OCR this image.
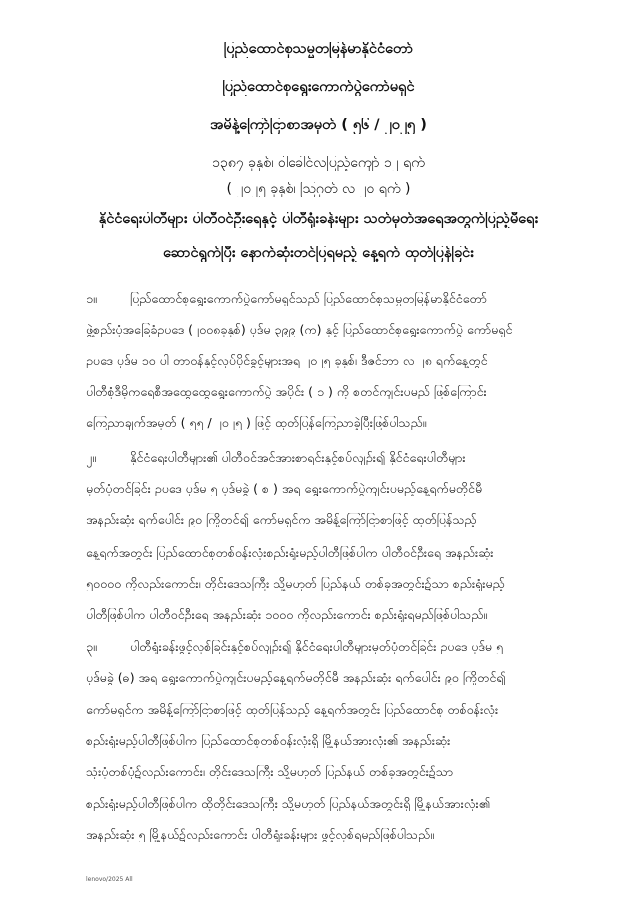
ပြည်ထောင်စုသမ္မတမြန်မာနိုင်ငံတော်
ပြည်ထောင်စုရွေးကောက်ပွဲကော်မရှင်
အမိန့်ကြော်ငြာစာအမှတ် ( ၅၆ / ၂၀၂၅ )
၁၃၈၇ ခုနှစ်၊ ဝါခေါင်လပြည့်ကျော် ၁၂ ရက်
( ၂၀၂၅ ခုနှစ်၊ ဩဂုတ် လ ၂၀ ရက် )
နိုင်ငံရေးပါတီများ ပါတီဝင်ဦးရေနှင့် ပါတီရုံးခန်းများ သတ်မှတ်အရေအတွက်ပြည့်မီရေး
ဆောင်ရွက်ပြီး နောက်ဆုံးတင်ပြရမည့် နေ့ရက် ထုတ်ပြန်ခြင်း
၁။	ပြည်ထောင်စုရွေးကောက်ပွဲကော်မရှင်သည် ပြည်ထောင်စုသမ္မတမြန်မာနိုင်ငံတော်
ဖွဲ့စည်းပုံအခြေခံဥပဒေ (၂၀၀၈ခုနှစ်) ပုဒ်မ ၃၉၉ (က) နှင့် ပြည်ထောင်စုရွေးကောက်ပွဲ ကော်မရှင်
ဥပဒေ ပုဒ်မ ၁၀ ပါ တာဝန်နှင့်လုပ်ပိုင်ခွင့်များအရ ၂၀၂၅ ခုနှစ်၊ ဒီဇင်ဘာ လ ၂၈ ရက်နေ့တွင်
ပါတီစုံဒီမိုကရေစီအထွေထွေရွေးကောက်ပွဲ အပိုင်း ( ၁ ) ကို စတင်ကျင်းပမည် ဖြစ်ကြောင်း
ကြေညာချက်အမှတ် ( ၅၅ / ၂၀၂၅ ) ဖြင့် ထုတ်ပြန်ကြေညာခဲ့ပြီးဖြစ်ပါသည်။
၂။	နိုင်ငံရေးပါတီများ၏ ပါတီဝင်အင်အားစာရင်းနှင့်စပ်လျဉ်း၍ နိုင်ငံရေးပါတီများ
မှတ်ပုံတင်ခြင်း ဥပဒေ ပုဒ်မ ၅ ပုဒ်မခွဲ ( စ ) အရ ရွေးကောက်ပွဲကျင်းပမည့်နေ့ရက်မတိုင်မီ
အနည်းဆုံး ရက်ပေါင်း ၉၀ ကြိုတင်၍ ကော်မရှင်က အမိန့်ကြော်ငြာစာဖြင့် ထုတ်ပြန်သည့်
နေ့ရက်အတွင်း ပြည်ထောင်စုတစ်ဝန်းလုံးစည်းရုံးမည့်ပါတီဖြစ်ပါက ပါတီဝင်ဦးရေ အနည်းဆုံး
၅၀၀၀၀ ကိုလည်းကောင်း၊ တိုင်းဒေသကြီး သို့မဟုတ် ပြည်နယ် တစ်ခုအတွင်း၌သာ စည်းရုံးမည့်
ပါတီဖြစ်ပါက ပါတီဝင်ဦးရေ အနည်းဆုံး ၁၀၀၀ ကိုလည်းကောင်း စည်းရုံးရမည်ဖြစ်ပါသည်။
၃။	ပါတီရုံးခန်းဖွင့်လှစ်ခြင်းနှင့်စပ်လျဉ်း၍ နိုင်ငံရေးပါတီများမှတ်ပုံတင်ခြင်း ဥပဒေ ပုဒ်မ ၅
ပုဒ်မခွဲ (ဓ) အရ ရွေးကောက်ပွဲကျင်းပမည့်နေ့ရက်မတိုင်မီ အနည်းဆုံး ရက်ပေါင်း ၉၀ ကြိုတင်၍
ကော်မရှင်က အမိန့်ကြော်ငြာစာဖြင့် ထုတ်ပြန်သည့် နေ့ရက်အတွင်း ပြည်ထောင်စု တစ်ဝန်းလုံး
စည်းရုံးမည့်ပါတီဖြစ်ပါက ပြည်ထောင်စုတစ်ဝန်းလုံးရှိ မြို့နယ်အားလုံး၏ အနည်းဆုံး
သုံးပုံတစ်ပုံ၌လည်းကောင်း၊ တိုင်းဒေသကြီး သို့မဟုတ် ပြည်နယ် တစ်ခုအတွင်း၌သာ
စည်းရုံးမည့်ပါတီဖြစ်ပါက ထိုတိုင်းဒေသကြီး သို့မဟုတ် ပြည်နယ်အတွင်းရှိ မြို့နယ်အားလုံး၏
အနည်းဆုံး ၅ မြို့နယ်၌လည်းကောင်း ပါတီရုံးခန်းများ ဖွင့်လှစ်ရမည်ဖြစ်ပါသည်။
lenovo/2025 All
